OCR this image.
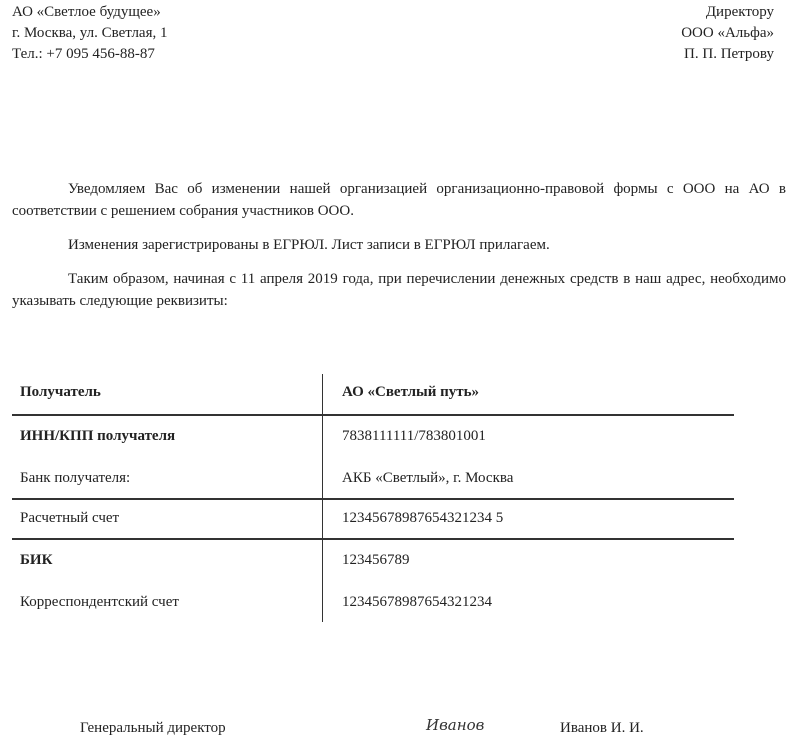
АО «Светлое будущее»
г. Москва, ул. Светлая, 1
Тел.: +7 095 456-88-87
Директору
ООО «Альфа»
П. П. Петрову

Уведомляем Вас об изменении нашей организацией организационно-правовой формы с ООО на АО в соответствии с решением собрания участников ООО.

Изменения зарегистрированы в ЕГРЮЛ. Лист записи в ЕГРЮЛ прилагаем.

Таким образом, начиная с 11 апреля 2019 года, при перечислении денежных средств в наш адрес, необходимо указывать следующие реквизиты:

Получатель	АО «Светлый путь»
ИНН/КПП получателя	7838111111/783801001
Банк получателя:	АКБ «Светлый», г. Москва
Расчетный счет	12345678987654321234 5
БИК	123456789
Корреспондентский счет	12345678987654321234
Генеральный директор	Иванов	Иванов И. И.
